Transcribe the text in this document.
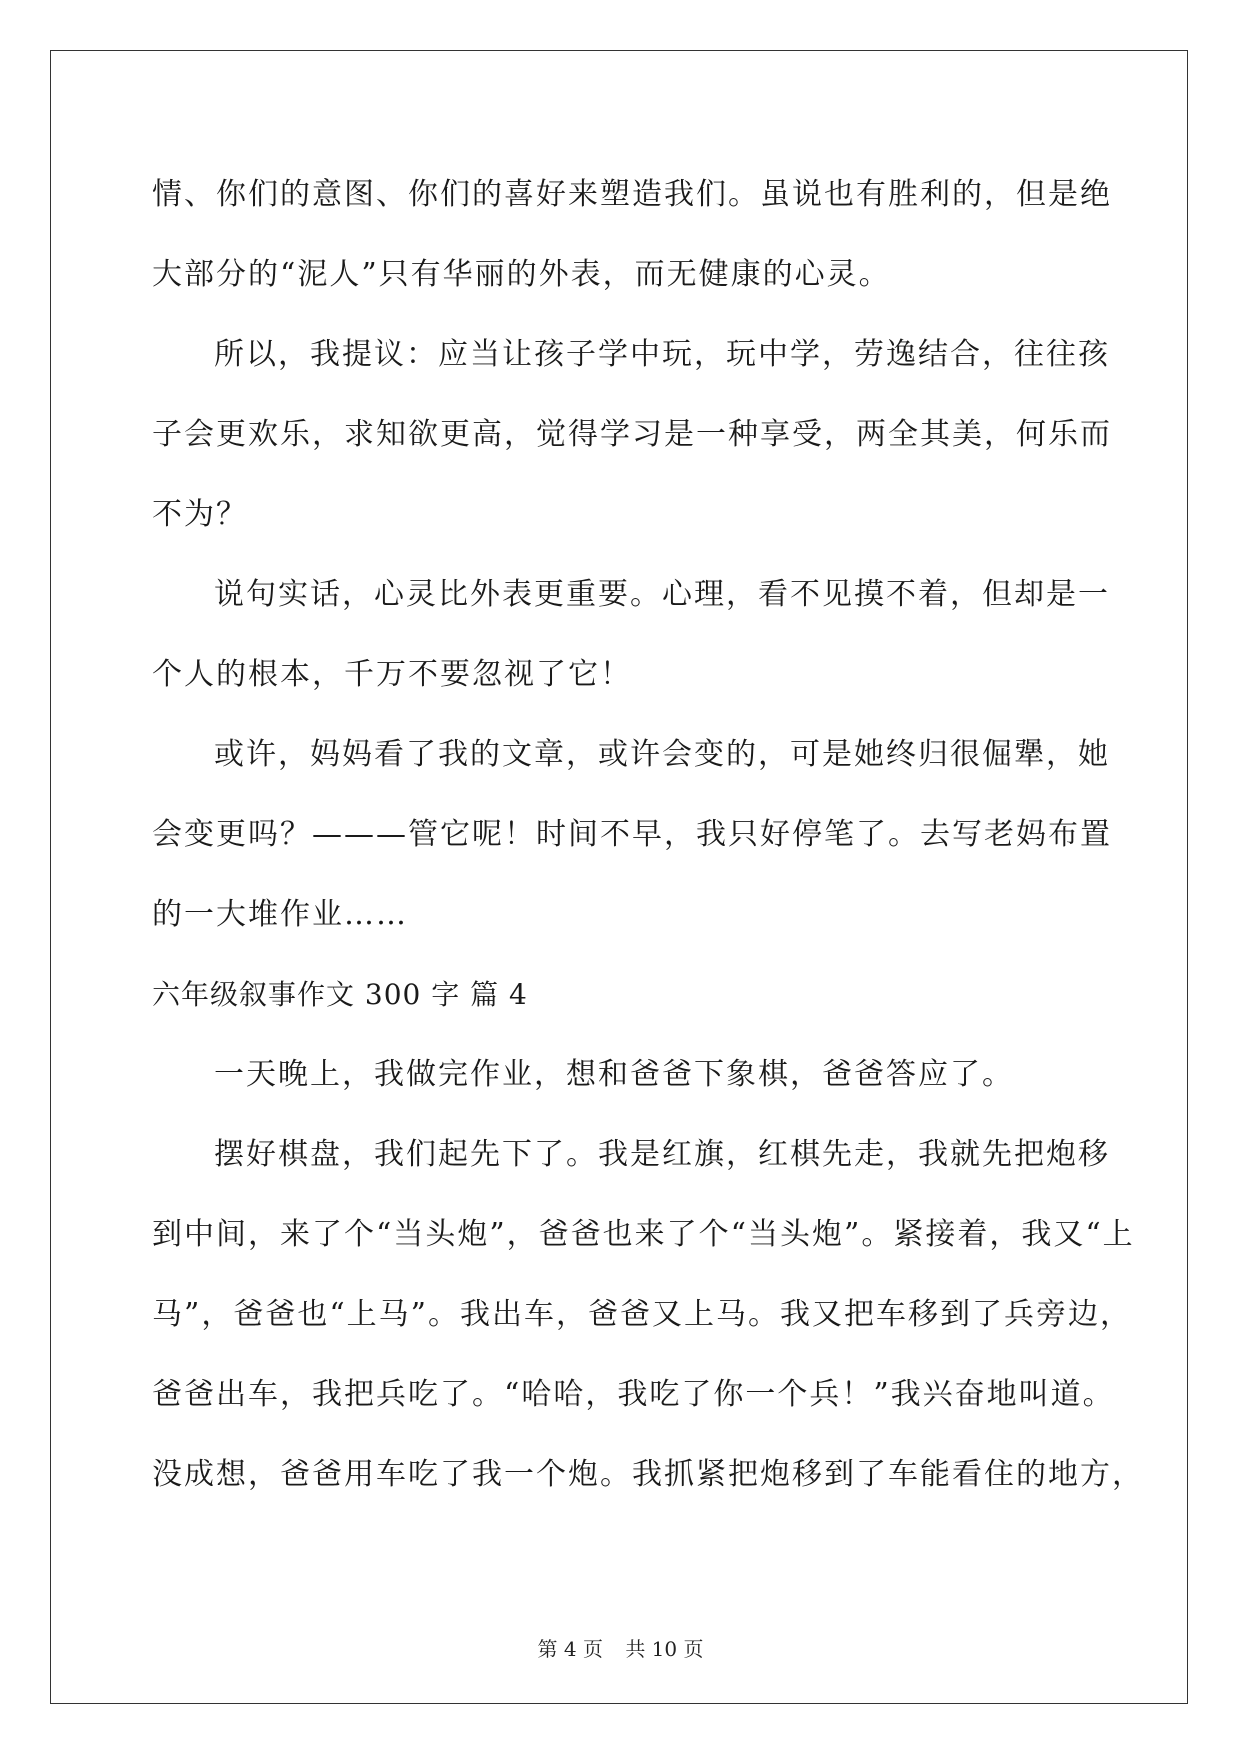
情、你们的意图、你们的喜好来塑造我们。虽说也有胜利的，但是绝

大部分的“泥人”只有华丽的外表，而无健康的心灵。

所以，我提议：应当让孩子学中玩，玩中学，劳逸结合，往往孩

子会更欢乐，求知欲更高，觉得学习是一种享受，两全其美，何乐而

不为？

说句实话，心灵比外表更重要。心理，看不见摸不着，但却是一

个人的根本，千万不要忽视了它！

或许，妈妈看了我的文章，或许会变的，可是她终归很倔犟，她

会变更吗？———管它呢！时间不早，我只好停笔了。去写老妈布置

的一大堆作业……

六年级叙事作文 300 字 篇 4

一天晚上，我做完作业，想和爸爸下象棋，爸爸答应了。

摆好棋盘，我们起先下了。我是红旗，红棋先走，我就先把炮移

到中间，来了个“当头炮”，爸爸也来了个“当头炮”。紧接着，我又“上

马”，爸爸也“上马”。我出车，爸爸又上马。我又把车移到了兵旁边，

爸爸出车，我把兵吃了。“哈哈，我吃了你一个兵！”我兴奋地叫道。

没成想，爸爸用车吃了我一个炮。我抓紧把炮移到了车能看住的地方，

第 4 页 共 10 页
